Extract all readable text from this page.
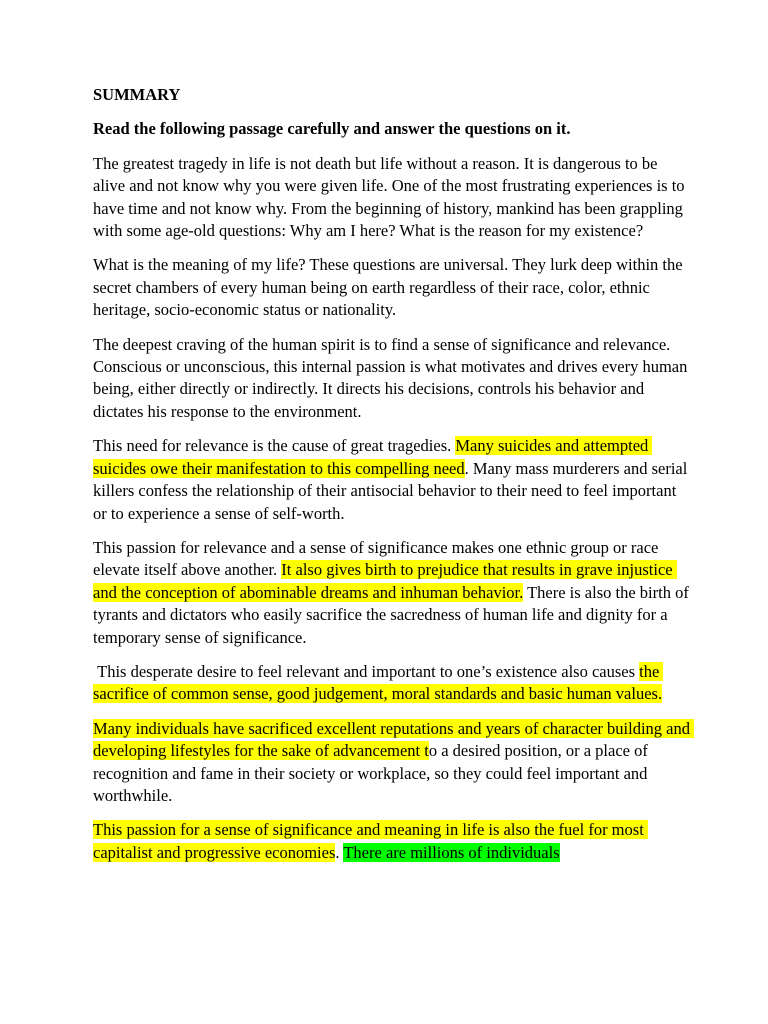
SUMMARY

Read the following passage carefully and answer the questions on it.

The greatest tragedy in life is not death but life without a reason. It is dangerous to be alive and not know why you were given life. One of the most frustrating experiences is to have time and not know why. From the beginning of history, mankind has been grappling with some age-old questions: Why am I here? What is the reason for my existence?

What is the meaning of my life? These questions are universal. They lurk deep within the secret chambers of every human being on earth regardless of their race, color, ethnic heritage, socio-economic status or nationality.

The deepest craving of the human spirit is to find a sense of significance and relevance. Conscious or unconscious, this internal passion is what motivates and drives every human being, either directly or indirectly. It directs his decisions, controls his behavior and dictates his response to the environment.

This need for relevance is the cause of great tragedies. Many suicides and attempted suicides owe their manifestation to this compelling need. Many mass murderers and serial killers confess the relationship of their antisocial behavior to their need to feel important or to experience a sense of self-worth.

This passion for relevance and a sense of significance makes one ethnic group or race elevate itself above another. It also gives birth to prejudice that results in grave injustice and the conception of abominable dreams and inhuman behavior. There is also the birth of tyrants and dictators who easily sacrifice the sacredness of human life and dignity for a temporary sense of significance.

This desperate desire to feel relevant and important to one’s existence also causes the sacrifice of common sense, good judgement, moral standards and basic human values.

Many individuals have sacrificed excellent reputations and years of character building and developing lifestyles for the sake of advancement to a desired position, or a place of recognition and fame in their society or workplace, so they could feel important and worthwhile.

This passion for a sense of significance and meaning in life is also the fuel for most capitalist and progressive economies. There are millions of individuals
